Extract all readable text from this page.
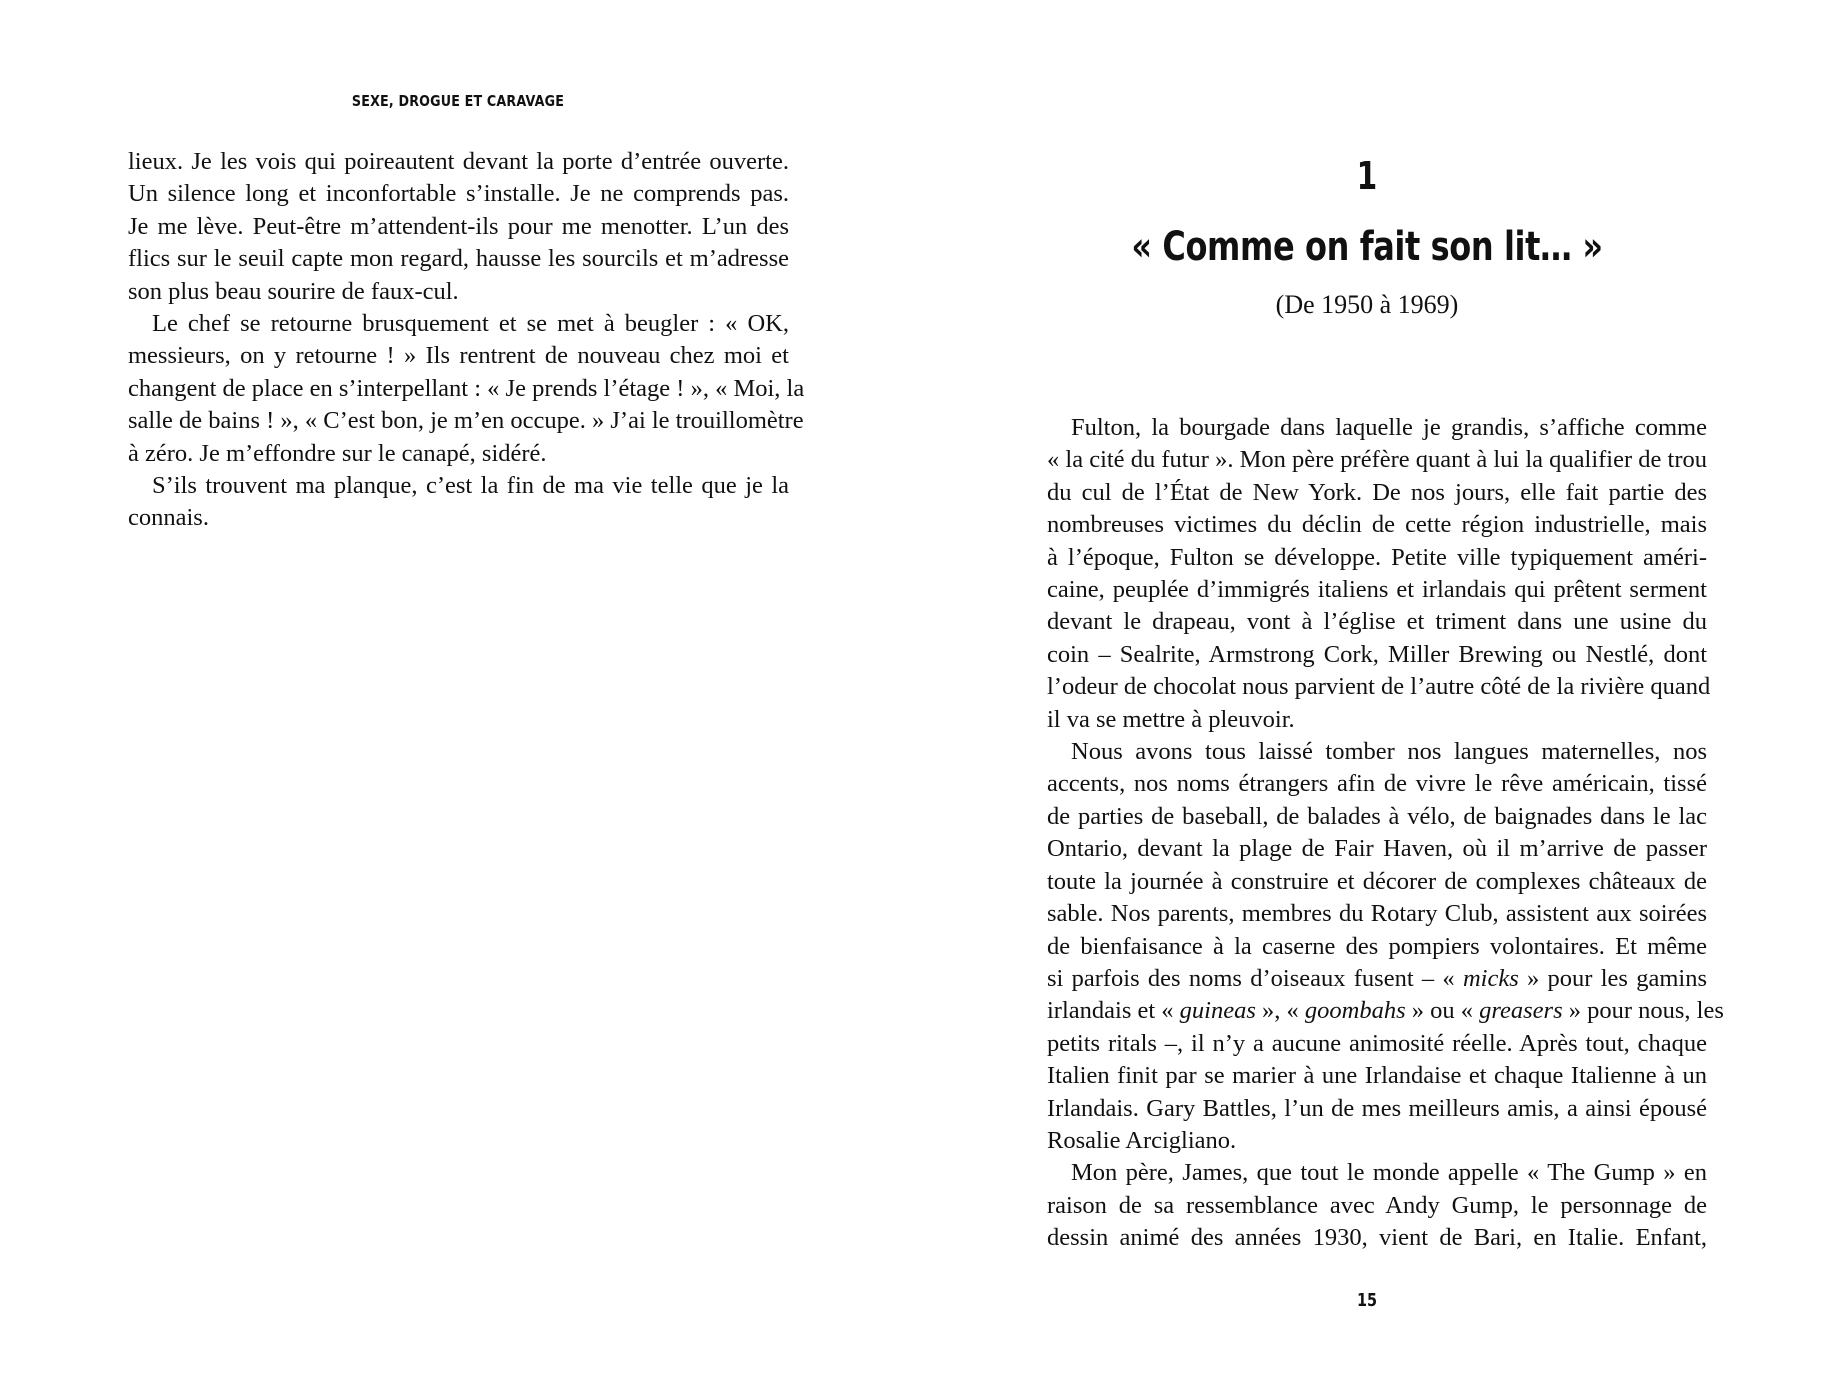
SEXE, DROGUE ET CARAVAGE
lieux. Je les vois qui poireautent devant la porte d’entrée ouverte.
Un silence long et inconfortable s’installe. Je ne comprends pas.
Je me lève. Peut-être m’attendent-ils pour me menotter. L’un des
flics sur le seuil capte mon regard, hausse les sourcils et m’adresse
son plus beau sourire de faux-cul.
Le chef se retourne brusquement et se met à beugler : « OK,
messieurs, on y retourne ! » Ils rentrent de nouveau chez moi et
changent de place en s’interpellant : « Je prends l’étage ! », « Moi, la
salle de bains ! », « C’est bon, je m’en occupe. » J’ai le trouillomètre
à zéro. Je m’effondre sur le canapé, sidéré.
S’ils trouvent ma planque, c’est la fin de ma vie telle que je la
connais.
1
« Comme on fait son lit… »
(De 1950 à 1969)
Fulton, la bourgade dans laquelle je grandis, s’affiche comme
« la cité du futur ». Mon père préfère quant à lui la qualifier de trou
du cul de l’État de New York. De nos jours, elle fait partie des
nombreuses victimes du déclin de cette région industrielle, mais
à l’époque, Fulton se développe. Petite ville typiquement améri-
caine, peuplée d’immigrés italiens et irlandais qui prêtent serment
devant le drapeau, vont à l’église et triment dans une usine du
coin – Sealrite, Armstrong Cork, Miller Brewing ou Nestlé, dont
l’odeur de chocolat nous parvient de l’autre côté de la rivière quand
il va se mettre à pleuvoir.
Nous avons tous laissé tomber nos langues maternelles, nos
accents, nos noms étrangers afin de vivre le rêve américain, tissé
de parties de baseball, de balades à vélo, de baignades dans le lac
Ontario, devant la plage de Fair Haven, où il m’arrive de passer
toute la journée à construire et décorer de complexes châteaux de
sable. Nos parents, membres du Rotary Club, assistent aux soirées
de bienfaisance à la caserne des pompiers volontaires. Et même
si parfois des noms d’oiseaux fusent – « micks » pour les gamins
irlandais et « guineas », « goombahs » ou « greasers » pour nous, les
petits ritals –, il n’y a aucune animosité réelle. Après tout, chaque
Italien finit par se marier à une Irlandaise et chaque Italienne à un
Irlandais. Gary Battles, l’un de mes meilleurs amis, a ainsi épousé
Rosalie Arcigliano.
Mon père, James, que tout le monde appelle « The Gump » en
raison de sa ressemblance avec Andy Gump, le personnage de
dessin animé des années 1930, vient de Bari, en Italie. Enfant,
15
